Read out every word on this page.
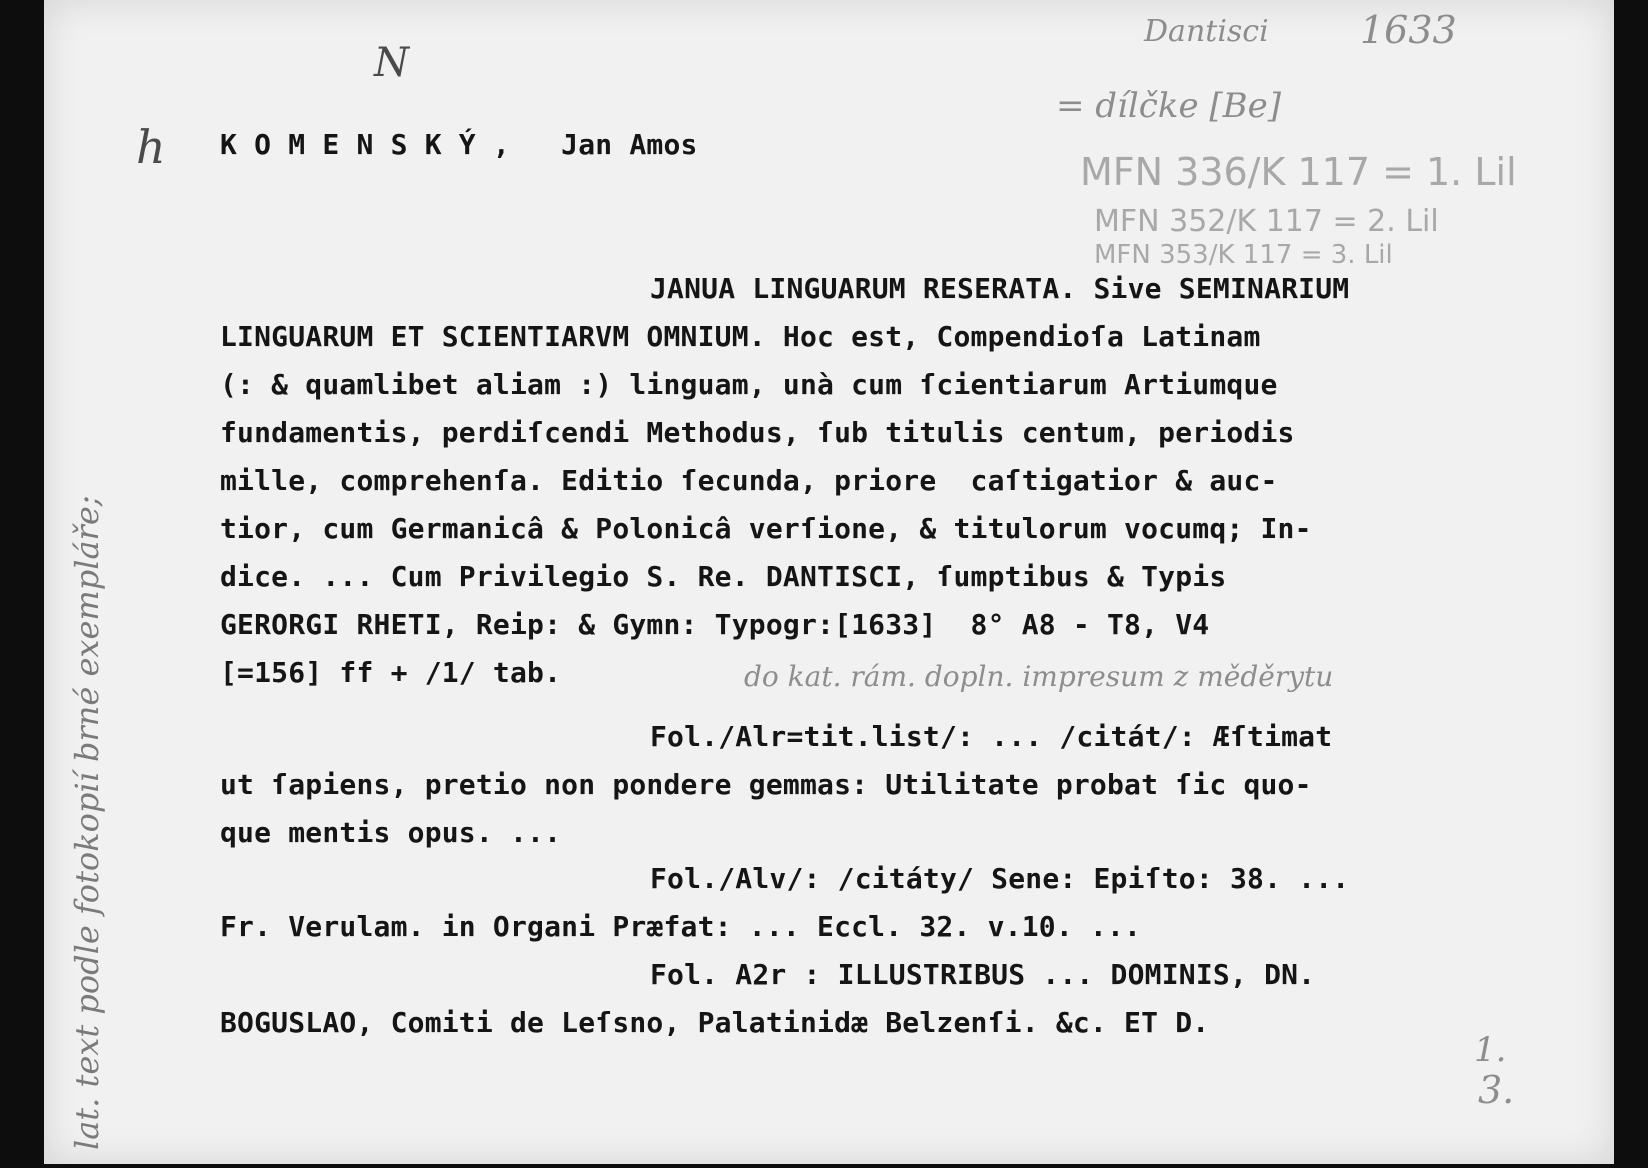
Dantisci 1633
N
h
= dílčke [Be]
MFN 336/K 117 = 1. Lil
MFN 352/K 117 = 2. Lil
MFN 353/K 117 = 3. Lil
K O M E N S K Ý ,   Jan Amos
JANUA LINGUARUM RESERATA. Sive SEMINARIUM
LINGUARUM ET SCIENTIARVM OMNIUM. Hoc est, Compendioſa Latinam
(: & quamlibet aliam :) linguam, unà cum ſcientiarum Artiumque
fundamentis, perdiſcendi Methodus, ſub titulis centum, periodis
mille, comprehenſa. Editio ſecunda, priore  caſtigatior & auc-
tior, cum Germanicâ & Polonicâ verſione, & titulorum vocumq; In-
dice. ... Cum Privilegio S. Re. DANTISCI, ſumptibus & Typis
GERORGI RHETI, Reip: & Gymn: Typogr:[1633]  8° A8 - T8, V4
[=156] ff + /1/ tab.	do kat. rám. dopln. impresum z měděrytu
Fol./Alr=tit.list/: ... /citát/: Æſtimat
ut ſapiens, pretio non pondere gemmas: Utilitate probat ſic quo-
que mentis opus. ...
Fol./Alv/: /citáty/ Sene: Epiſto: 38. ...
Fr. Verulam. in Organi Præfat: ... Eccl. 32. v.10. ...
Fol. A2r : ILLUSTRIBUS ... DOMINIS, DN.
BOGUSLAO, Comiti de Leſsno, Palatinidæ Belzenſi. &c. ET D.
1.
3.
lat. text podle fotokopií brné exempláře;
